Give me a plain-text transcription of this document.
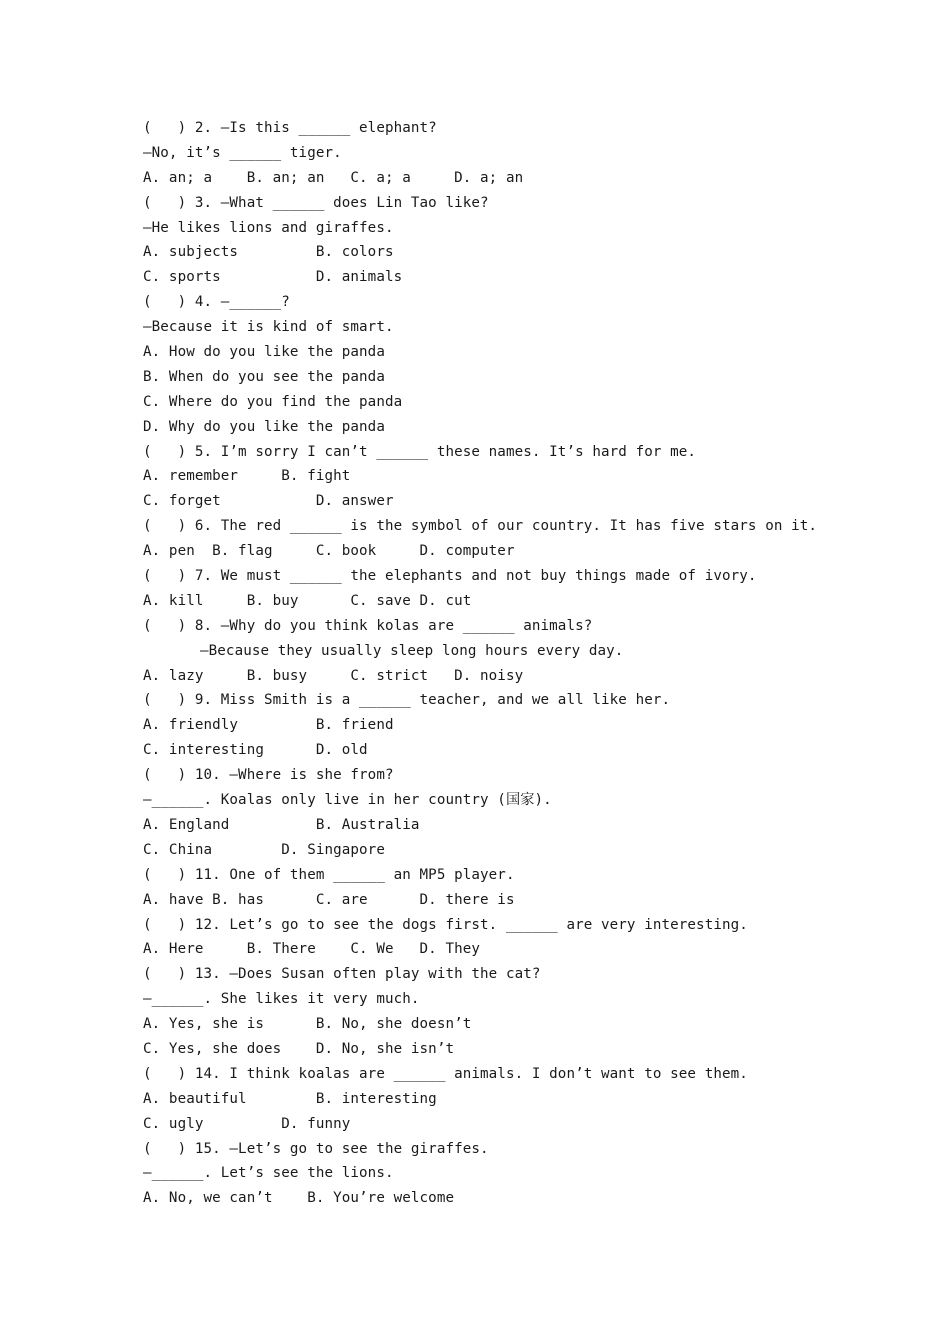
(   ) 2. —Is this ______ elephant?
—No, it’s ______ tiger.
A. an; a    B. an; an   C. a; a     D. a; an
(   ) 3. —What ______ does Lin Tao like?
—He likes lions and giraffes.
A. subjects         B. colors
C. sports           D. animals
(   ) 4. —______?
—Because it is kind of smart.
A. How do you like the panda
B. When do you see the panda
C. Where do you find the panda
D. Why do you like the panda
(   ) 5. I’m sorry I can’t ______ these names. It’s hard for me.
A. remember     B. fight
C. forget           D. answer
(   ) 6. The red ______ is the symbol of our country. It has five stars on it.
A. pen  B. flag     C. book     D. computer
(   ) 7. We must ______ the elephants and not buy things made of ivory.
A. kill     B. buy      C. save D. cut
(   ) 8. —Why do you think kolas are ______ animals?
—Because they usually sleep long hours every day.
A. lazy     B. busy     C. strict   D. noisy
(   ) 9. Miss Smith is a ______ teacher, and we all like her.
A. friendly         B. friend
C. interesting      D. old
(   ) 10. —Where is she from?
—______. Koalas only live in her country (国家).
A. England          B. Australia
C. China        D. Singapore
(   ) 11. One of them ______ an MP5 player.
A. have B. has      C. are      D. there is
(   ) 12. Let’s go to see the dogs first. ______ are very interesting.
A. Here     B. There    C. We   D. They
(   ) 13. —Does Susan often play with the cat?
—______. She likes it very much.
A. Yes, she is      B. No, she doesn’t
C. Yes, she does    D. No, she isn’t
(   ) 14. I think koalas are ______ animals. I don’t want to see them.
A. beautiful        B. interesting
C. ugly         D. funny
(   ) 15. —Let’s go to see the giraffes.
—______. Let’s see the lions.
A. No, we can’t    B. You’re welcome
